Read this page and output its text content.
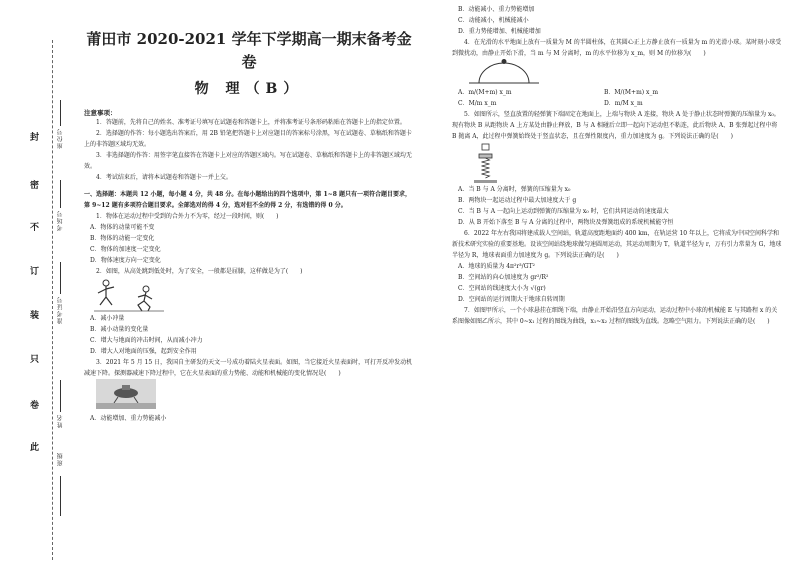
封
密
不
订
装
只
卷
此
座位号
考场号
准考证号
姓名
班级
莆田市 2020-2021 学年下学期高一期末备考金
卷
物 理（B）
注意事项：

1．答题前，先将自己的姓名、准考证号填写在试题卷和答题卡上，并将准考证号条形码粘贴在答题卡上的指定位置。

2．选择题的作答：每小题选出答案后，用 2B 铅笔把答题卡上对应题目的答案标号涂黑，写在试题卷、草稿纸和答题卡上的非答题区域均无效。

3．非选择题的作答：用签字笔直接答在答题卡上对应的答题区域内。写在试题卷、草稿纸和答题卡上的非答题区域均无效。

4．考试结束后，请将本试题卷和答题卡一并上交。

一、选择题：本题共 12 小题，每小题 4 分，共 48 分。在每小题给出的四个选项中，第 1~8 题只有一项符合题目要求，第 9~12 题有多项符合题目要求。全部选对的得 4 分，选对但不全的得 2 分，有选错的得 0 分。

1．物体在运动过程中受到的合外力不为零，经过一段时间，则(　　)

A．物体的动量可能不变
B．物体的动能一定变化
C．物体的加速度一定变化
D．物体速度方向一定变化

2．如图，从高处跳到低处时，为了安全，一般都是屈膝，这样做是为了(　　)

A．减小冲量
B．减小动量的变化量
C．增大与地面的冲击时间，从而减小冲力
D．增大人对地面的压强，起到安全作用

3．2021 年 5 月 15 日，我国自主研发的天文一号成功着陆火星表面。如图，当它接近火星表面时，可打开反冲发动机减速下降。探测器减速下降过程中，它在火星表面的重力势能、动能和机械能的变化情况是(　　)

A．动能增加、重力势能减小
B．动能减小、重力势能增加
C．动能减小，机械能减小
D．重力势能增加、机械能增加

4．在光滑的水平地面上放有一质量为 M 的半圆柱体，在其圆心正上方静止放有一质量为 m 的光滑小球。某时刻小球受到微扰动，由静止开始下滑，当 m 与 M 分离时，m 的水平位移为 x_m，则 M 的位移为(　　)

A．m/(M+m) x_m	B．M/(M+m) x_m
C．M/m x_m	D．m/M x_m

5．如图所示，竖直放置的轻弹簧下端固定在地面上，上端与物块 A 连接，物块 A 处于静止状态时弹簧的压缩量为 x₀。现有物块 B 从距物块 A 上方某处由静止释放，B 与 A 相碰后立即一起向下运动但不粘连，此后物块 A、B 张弹起过程中将 B 抛离 A，此过程中弹簧始终处于竖直状态，且在弹性限度内，重力加速度为 g。下列说法正确的是(　　)

A．当 B 与 A 分离时，弹簧的压缩量为 x₀
B．两物块一起运动过程中最大加速度大于 g
C．当 B 与 A 一起向上运动到弹簧的压缩量为 x₀ 时，它们共同运动的速度最大
D．从 B 开始下落至 B 与 A 分离的过程中，两物块及弹簧组成的系统机械能守恒

6．2022 年左右我国将建成载人空间站，轨道高度距地面约 400 km，在轨运营 10 年以上，它将成为中国空间科学和新技术研究实验的重要基地。设该空间站绕地球做匀速圆周运动，其运动周期为 T，轨道半径为 r，万有引力常量为 G，地球半径为 R，地球表面重力加速度为 g。下列说法正确的是(　　)

A．地球的质量为 4π²r³/GT²
B．空间站的向心加速度为 gr²/R²
C．空间站的线速度大小为 √(gr)
D．空间站的运行周期大于地球自转周期

7．如图甲所示，一个小球悬挂在细绳下端，由静止开始沿竖直方向运动，运动过程中小球的机械能 E 与其路程 x 的关系图像如图乙所示，其中 0~x₁ 过程的图线为曲线，x₁~x₂ 过程的图线为直线。忽略空气阻力。下列说法正确的是(　　)
